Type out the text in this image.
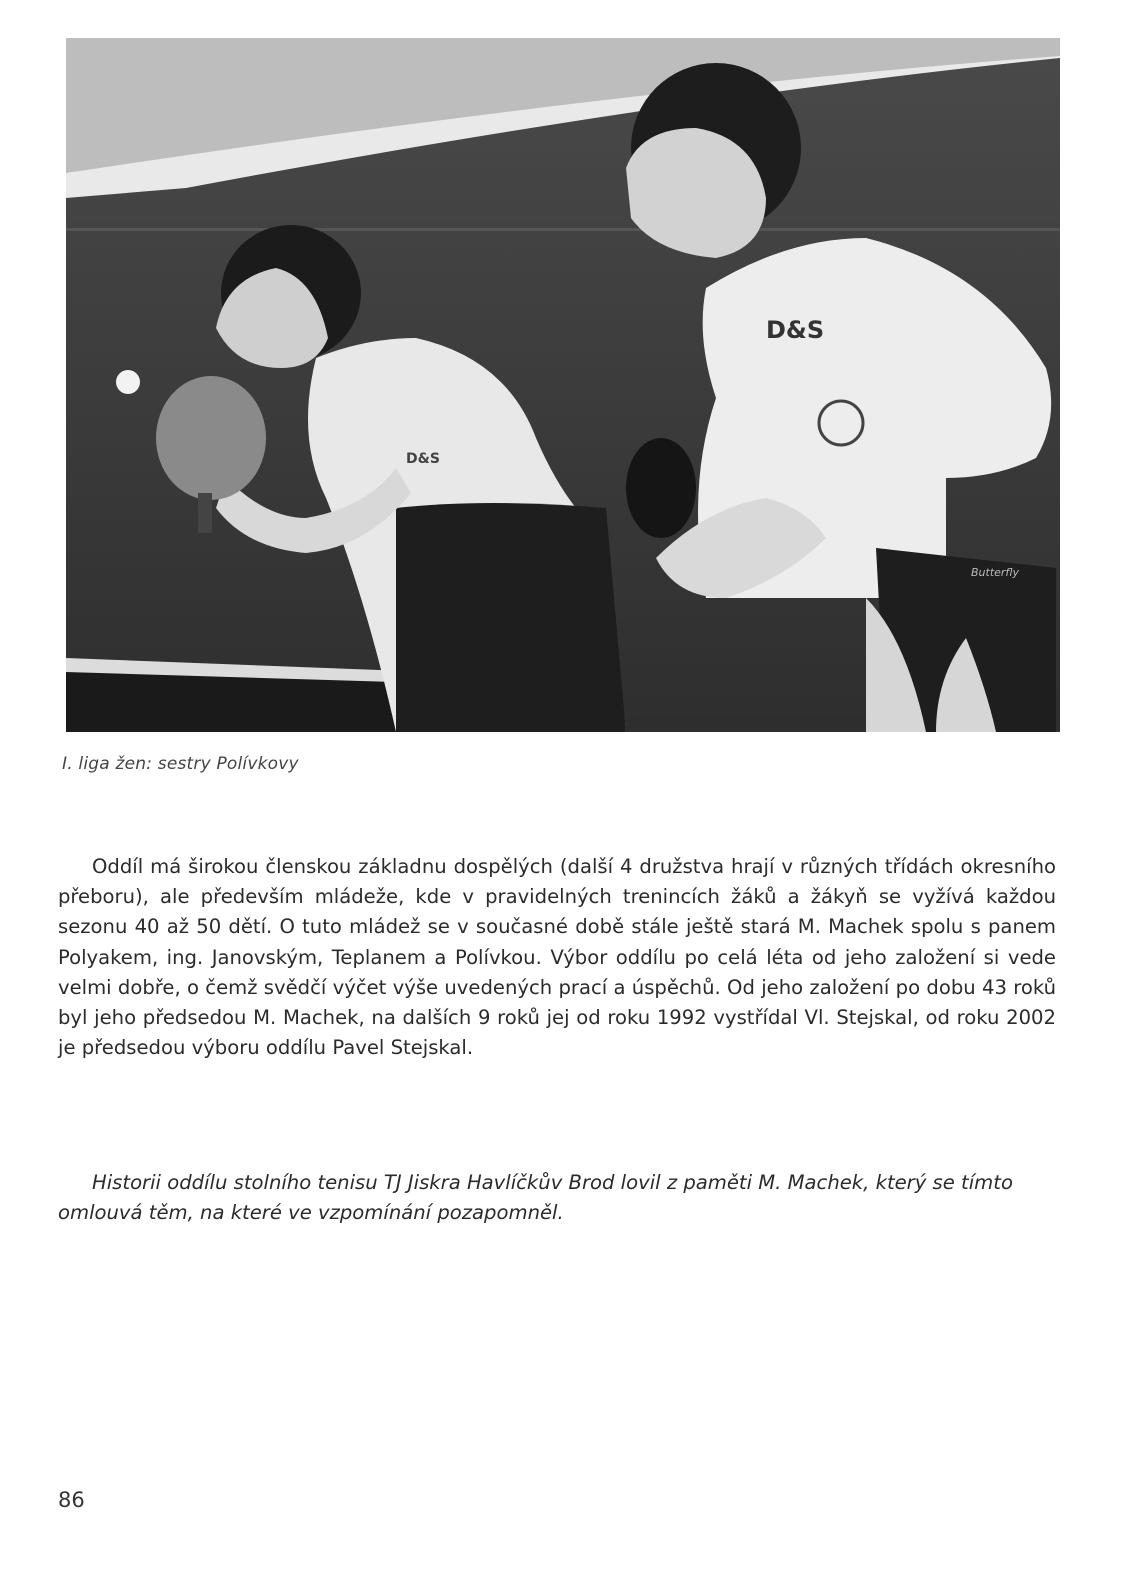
D&S
Butterfly
D&S
I. liga žen: sestry Polívkovy

Oddíl má širokou členskou základnu dospělých (další 4 družstva hrají v různých třídách okresního přeboru), ale především mládeže, kde v pravidelných trenincích žáků a žákyň se vyžívá každou sezonu 40 až 50 dětí. O tuto mládež se v současné době stále ještě stará M. Machek spolu s panem Polyakem, ing. Janovským, Teplanem a Polívkou. Výbor oddílu po celá léta od jeho založení si vede velmi dobře, o čemž svědčí výčet výše uvedených prací a úspěchů. Od jeho založení po dobu 43 roků byl jeho předsedou M. Machek, na dalších 9 roků jej od roku 1992 vystřídal Vl. Stejskal, od roku 2002 je předsedou výboru oddílu Pavel Stejskal.

Historii oddílu stolního tenisu TJ Jiskra Havlíčkův Brod lovil z paměti M. Machek, který se tímto omlouvá těm, na které ve vzpomínání pozapomněl.

86
